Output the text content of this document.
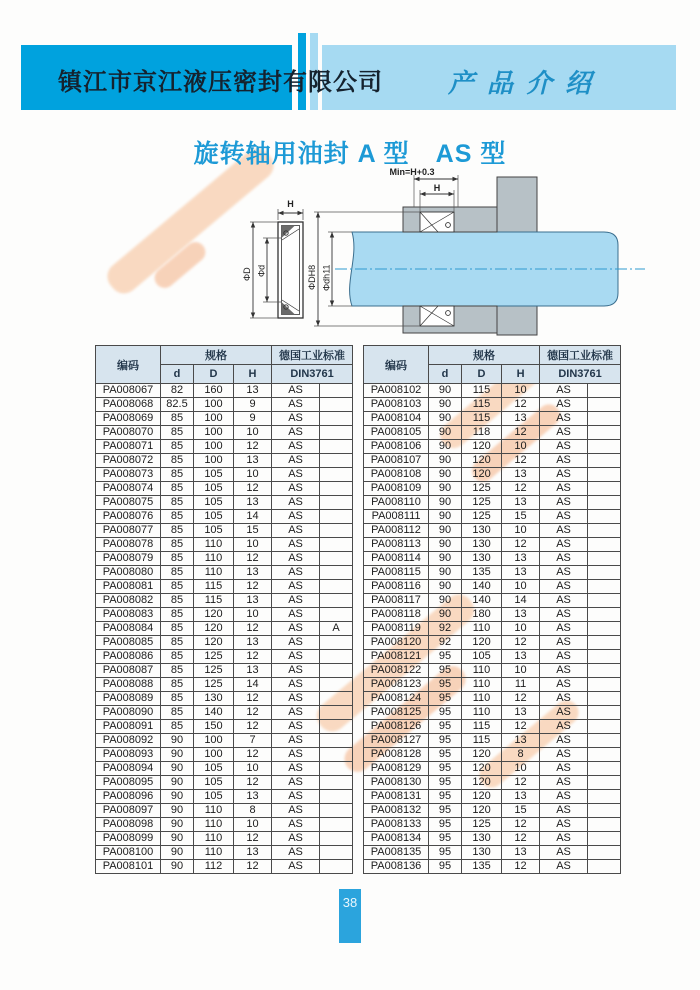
镇江市京江液压密封有限公司	产品介绍
旋转轴用油封 A 型　AS 型
H
ΦD Φd
Min=H+0.3
H
ΦDH8 Φdh11
编码	规格			德国工业标准	
	d	D	H	DIN3761	
PA008067	82	160	13	AS	
PA008068	82.5	100	9	AS	
PA008069	85	100	9	AS	
PA008070	85	100	10	AS	
PA008071	85	100	12	AS	
PA008072	85	100	13	AS	
PA008073	85	105	10	AS	
PA008074	85	105	12	AS	
PA008075	85	105	13	AS	
PA008076	85	105	14	AS	
PA008077	85	105	15	AS	
PA008078	85	110	10	AS	
PA008079	85	110	12	AS	
PA008080	85	110	13	AS	
PA008081	85	115	12	AS	
PA008082	85	115	13	AS	
PA008083	85	120	10	AS	
PA008084	85	120	12	AS	A
PA008085	85	120	13	AS	
PA008086	85	125	12	AS	
PA008087	85	125	13	AS	
PA008088	85	125	14	AS	
PA008089	85	130	12	AS	
PA008090	85	140	12	AS	
PA008091	85	150	12	AS	
PA008092	90	100	7	AS	
PA008093	90	100	12	AS	
PA008094	90	105	10	AS	
PA008095	90	105	12	AS	
PA008096	90	105	13	AS	
PA008097	90	110	8	AS	
PA008098	90	110	10	AS	
PA008099	90	110	12	AS	
PA008100	90	110	13	AS	
PA008101	90	112	12	AS	
编码	规格			德国工业标准	
	d	D	H	DIN3761	
PA008102	90	115	10	AS	
PA008103	90	115	12	AS	
PA008104	90	115	13	AS	
PA008105	90	118	12	AS	
PA008106	90	120	10	AS	
PA008107	90	120	12	AS	
PA008108	90	120	13	AS	
PA008109	90	125	12	AS	
PA008110	90	125	13	AS	
PA008111	90	125	15	AS	
PA008112	90	130	10	AS	
PA008113	90	130	12	AS	
PA008114	90	130	13	AS	
PA008115	90	135	13	AS	
PA008116	90	140	10	AS	
PA008117	90	140	14	AS	
PA008118	90	180	13	AS	
PA008119	92	110	10	AS	
PA008120	92	120	12	AS	
PA008121	95	105	13	AS	
PA008122	95	110	10	AS	
PA008123	95	110	11	AS	
PA008124	95	110	12	AS	
PA008125	95	110	13	AS	
PA008126	95	115	12	AS	
PA008127	95	115	13	AS	
PA008128	95	120	8	AS	
PA008129	95	120	10	AS	
PA008130	95	120	12	AS	
PA008131	95	120	13	AS	
PA008132	95	120	15	AS	
PA008133	95	125	12	AS	
PA008134	95	130	12	AS	
PA008135	95	130	13	AS	
PA008136	95	135	12	AS	
38
